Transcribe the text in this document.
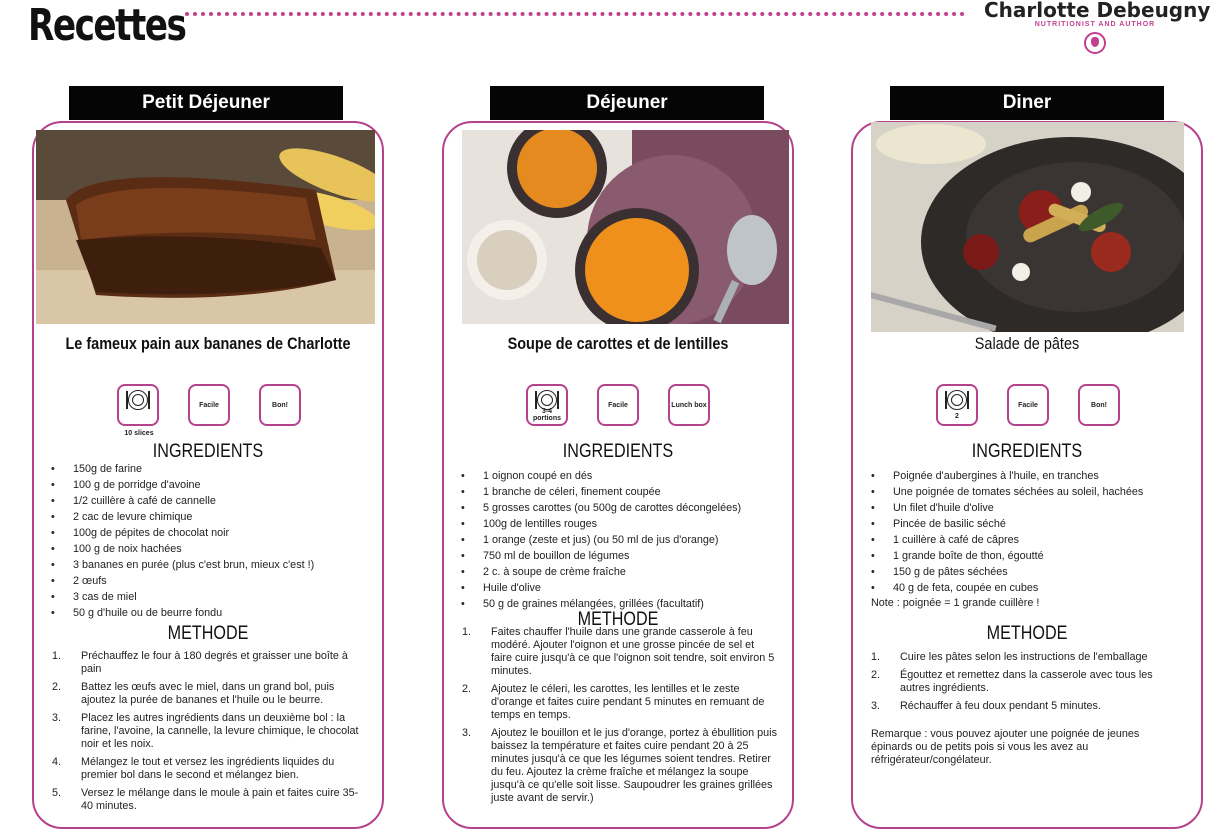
Recettes	Charlotte Debeugny
NUTRITIONIST AND AUTHOR
Petit Déjeuner
Le fameux pain aux bananes de Charlotte
10 slices
Facile	Bon!
INGREDIENTS
• 150g de farine
• 100 g de porridge d'avoine
• 1/2 cuillère à café de cannelle
• 2 cac de levure chimique
• 100g de pépites de chocolat noir
• 100 g de noix hachées
• 3 bananes en purée (plus c'est brun, mieux c'est !)
• 2 œufs
• 3 cas de miel
• 50 g d'huile ou de beurre fondu
METHODE
1. Préchauffez le four à 180 degrés et graisser une boîte à pain
2. Battez les œufs avec le miel, dans un grand bol, puis ajoutez la purée de bananes et l'huile ou le beurre.
3. Placez les autres ingrédients dans un deuxième bol : la farine, l'avoine, la cannelle, la levure chimique, le chocolat noir et les noix.
4. Mélangez le tout et versez les ingrédients liquides du premier bol dans le second et mélangez bien.
5. Versez le mélange dans le moule à pain et faites cuire 35-40 minutes.
Déjeuner
Soupe de carottes et de lentilles
3-4 portions
Facile	Lunch box
INGREDIENTS
• 1 oignon coupé en dés
• 1 branche de céleri, finement coupée
• 5 grosses carottes (ou 500g de carottes décongelées)
• 100g de lentilles rouges
• 1 orange (zeste et jus) (ou 50 ml de jus d'orange)
• 750 ml de bouillon de légumes
• 2 c. à soupe de crème fraîche
• Huile d'olive
• 50 g de graines mélangées, grillées (facultatif)
METHODE
1. Faites chauffer l'huile dans une grande casserole à feu modéré. Ajouter l'oignon et une grosse pincée de sel et faire cuire jusqu'à ce que l'oignon soit tendre, soit environ 5 minutes.
2. Ajoutez le céleri, les carottes, les lentilles et le zeste d'orange et faites cuire pendant 5 minutes en remuant de temps en temps.
3. Ajoutez le bouillon et le jus d'orange, portez à ébullition puis baissez la température et faites cuire pendant 20 à 25 minutes jusqu'à ce que les légumes soient tendres. Retirer du feu. Ajoutez la crème fraîche et mélangez la soupe jusqu'à ce qu'elle soit lisse. Saupoudrer les graines grillées juste avant de servir.)
Diner
Salade de pâtes
2
Facile	Bon!
INGREDIENTS
• Poignée d'aubergines à l'huile, en tranches
• Une poignée de tomates séchées au soleil, hachées
• Un filet d'huile d'olive
• Pincée de basilic séché
• 1 cuillère à café de câpres
• 1 grande boîte de thon, égoutté
• 150 g de pâtes séchées
• 40 g de feta, coupée en cubes
Note : poignée = 1 grande cuillère !
METHODE
1. Cuire les pâtes selon les instructions de l'emballage
2. Égouttez et remettez dans la casserole avec tous les autres ingrédients.
3. Réchauffer à feu doux pendant 5 minutes.
Remarque : vous pouvez ajouter une poignée de jeunes épinards ou de petits pois si vous les avez au réfrigérateur/congélateur.
